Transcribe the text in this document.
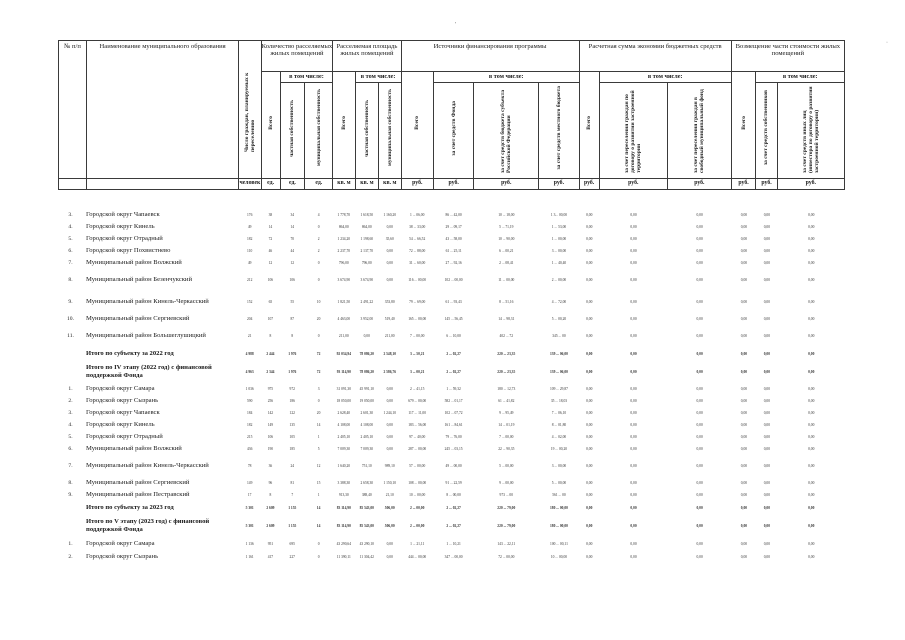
'
·
№ п/п	Наименование муниципального образования	Число граждан, планируемых к переселению	Количество расселяемых жилых помещений			Расселяемая площадь жилых помещений			Источники финансирования программы				Расчетная сумма экономии бюджетных средств			Возмещение части стоимости жилых помещений		
			Всего	в том числе:		Всего	в том числе:		Всего	в том числе:			Всего	в том числе:		Всего	в том числе:	
				частная собственность	муниципальная собственность		частная собственность	муниципальная собственность		за счет средств Фонда	за счет средств бюджета субъекта Российской Федерации	за счет средств местного бюджета		за счет переселения граждан по договору о развитии застроенной территории	за счет переселения граждан в свободный муниципальный фонд		за счет средств собственников	за счет средств иных лиц (инвестора по договору о развитии застроенной территории)
		человек	ед.	ед.	ед.	кв. м	кв. м	кв. м	руб.	руб.	руб.	руб.	руб.	руб.	руб.	руб.	руб.	руб.
3.	Городской округ Чапаевск	176	38	34	4	1 778,70	1 618,50	1 160,20	1 ... 06,00	86 ... 42,00	10 ... 18,00	1 3... 00,00	0,00	0,00	0,00	0,00	0,00	0,00
4.	Городской округ Кинель	49	14	14	0	864,00	864,00	0,00	38 ... 33,00	29 ... 09,17	5 ... 71,19	1 ... 53,00	0,00	0,00	0,00	0,00	0,00	0,00
5.	Городской округ Отрадный	182	72	70	2	1 234,20	1 198,60	35,60	54 ... 66,52	43 ... 58,00	10 ... 90,00	1 ... 00,00	0,00	0,00	0,00	0,00	0,00	0,00
6.	Городской округ Похвистнево	110	46	44	2	2 237,70	2 137,70	0,00	72 ... 88,00	61 ... 25,11	6 ... 00,21	3 ... 00,00	0,00	0,00	0,00	0,00	0,00	0,00
7.	Муниципальный район Волжский	49	12	12	0	796,00	796,00	0,00	31 ... 60,00	27 ... 92,16	2 ... 08,41	1 ... 40,40	0,00	0,00	0,00	0,00	0,00	0,00
8.	Муниципальный район Безенчукский	212	106	106	0	3 674,90	3 674,90	0,00	116 ... 00,00	102 ... 00,00	11 ... 00,00	2 ... 00,00	0,00	0,00	0,00	0,00	0,00	0,00
9.	Муниципальный район Кинель-Черкасский	152	65	55	10	1 821,50	2 491,22	353,80	79 ... 69,00	61 ... 93,43	8 ... 51,16	4 ... 72,00	0,00	0,00	0,00	0,00	0,00	0,00
10.	Муниципальный район Сергиевский	204	107	87	20	4 463,00	3 952,00	519,40	165 ... 00,00	145 ... 56,45	14 ... 98,31	5 ... 00,20	0,00	0,00	0,00	0,00	0,00	0,00
11.	Муниципальный район Большеглушицкий	21	8	8	0	211,00	0,00	211,00	7 ... 00,00	6 ... 10,00	402 ... 72	345 ... 00	0,00	0,00	0,00	0,00	0,00	0,00
	Итого по субъекту за 2022 год	4 988	2 444	1 976	72	92 034,94	78 086,20	2 548,10	3 ... 50,21	2 ... 02,27	220 ... 23,35	139 ... 06,00	0,00	0,00	0,00	0,00	0,00	0,00
	Итого по IV этапу (2022 год) с финансовой поддержкой Фонда	4 963	2 344	1 976	72	93 114,90	78 086,20	2 586,76	3 ... 00,21	2 ... 02,27	220 ... 23,35	139 ... 06,00	0,00	0,00	0,00	0,00	0,00	0,00
1.	Городской округ Самара	1 036	975	972	3	31 091,30	45 991,10	0,00	2 ... 41,15	1 ... 59,32	180 ... 12,73	109 ... 29,87	0,00	0,00	0,00	0,00	0,00	0,00
2.	Городской округ Сызрань	590	256	186	0	18 050,00	19 050,00	0,00	679 ... 00,00	582 ... 01,17	61 ... 41,82	35 ... 18,03	0,00	0,00	0,00	0,00	0,00	0,00
3.	Городской округ Чапаевск	184	142	122	20	2 628,40	2 601,30	1 244,10	117 ... 11,00	102 ... 07,72	9 ... 95,49	7 ... 06,10	0,00	0,00	0,00	0,00	0,00	0,00
4.	Городской округ Кинель	182	149	135	14	4 108,00	4 108,00	0,00	183 ... 56,00	161 ... 84,61	14 ... 01,19	8 ... 01,80	0,00	0,00	0,00	0,00	0,00	0,00
5.	Городской округ Отрадный	215	106	105	1	2 405,10	2 405,10	0,00	97 ... 40,00	79 ... 76,00	7 ... 00,00	4 ... 02,00	0,00	0,00	0,00	0,00	0,00	0,00
6.	Муниципальный район Волжский	436	190	185	5	7 009,30	7 009,30	0,00	287 ... 00,00	245 ... 03,15	22 ... 90,35	19 ... 00,20	0,00	0,00	0,00	0,00	0,00	0,00
7.	Муниципальный район Кинель-Черкасский	78	36	24	12	1 640,20	751,10	989,10	57 ... 00,00	49 ... 00,00	5 ... 00,00	3 ... 00,00	0,00	0,00	0,00	0,00	0,00	0,00
8.	Муниципальный район Сергиевский	149	96	81	15	3 388,30	2 658,30	1 150,10	108 ... 00,00	91 ... 22,59	9 ... 00,00	5 ... 00,00	0,00	0,00	0,00	0,00	0,00	0,00
9.	Муниципальный район Пестравский	17	8	7	1	913,30	388,40	21,10	10 ... 00,00	8 ... 00,00	973 ... 00	561 ... 00	0,00	0,00	0,00	0,00	0,00	0,00
	Итого по субъекту за 2023 год	5 301	2 609	1 155	14	83 114,90	85 543,00	506,00	2 ... 00,00	2 ... 02,27	220 ... 79,00	180 ... 00,00	0,00	0,00	0,00	0,00	0,00	0,00
	Итого по V этапу (2023 год) с финансовой поддержкой Фонда	5 301	2 609	1 155	14	83 114,90	85 543,00	506,00	2 ... 00,00	2 ... 02,27	220 ... 79,00	180 ... 00,00	0,00	0,00	0,00	0,00	0,00	0,00
1.	Городской округ Самара	1 136	951	695	0	43 290,64	43 290,10	0,00	1 ... 21,11	1 ... 10,21	143 ... 22,11	100 ... 00,11	0,00	0,00	0,00	0,00	0,00	0,00
2.	Городской округ Сызрань	1 161	417	227	0	11 390,11	11 304,42	0,00	444 ... 00,00	347 ... 00,00	72 ... 00,00	10 ... 00,00	0,00	0,00	0,00	0,00	0,00	0,00
